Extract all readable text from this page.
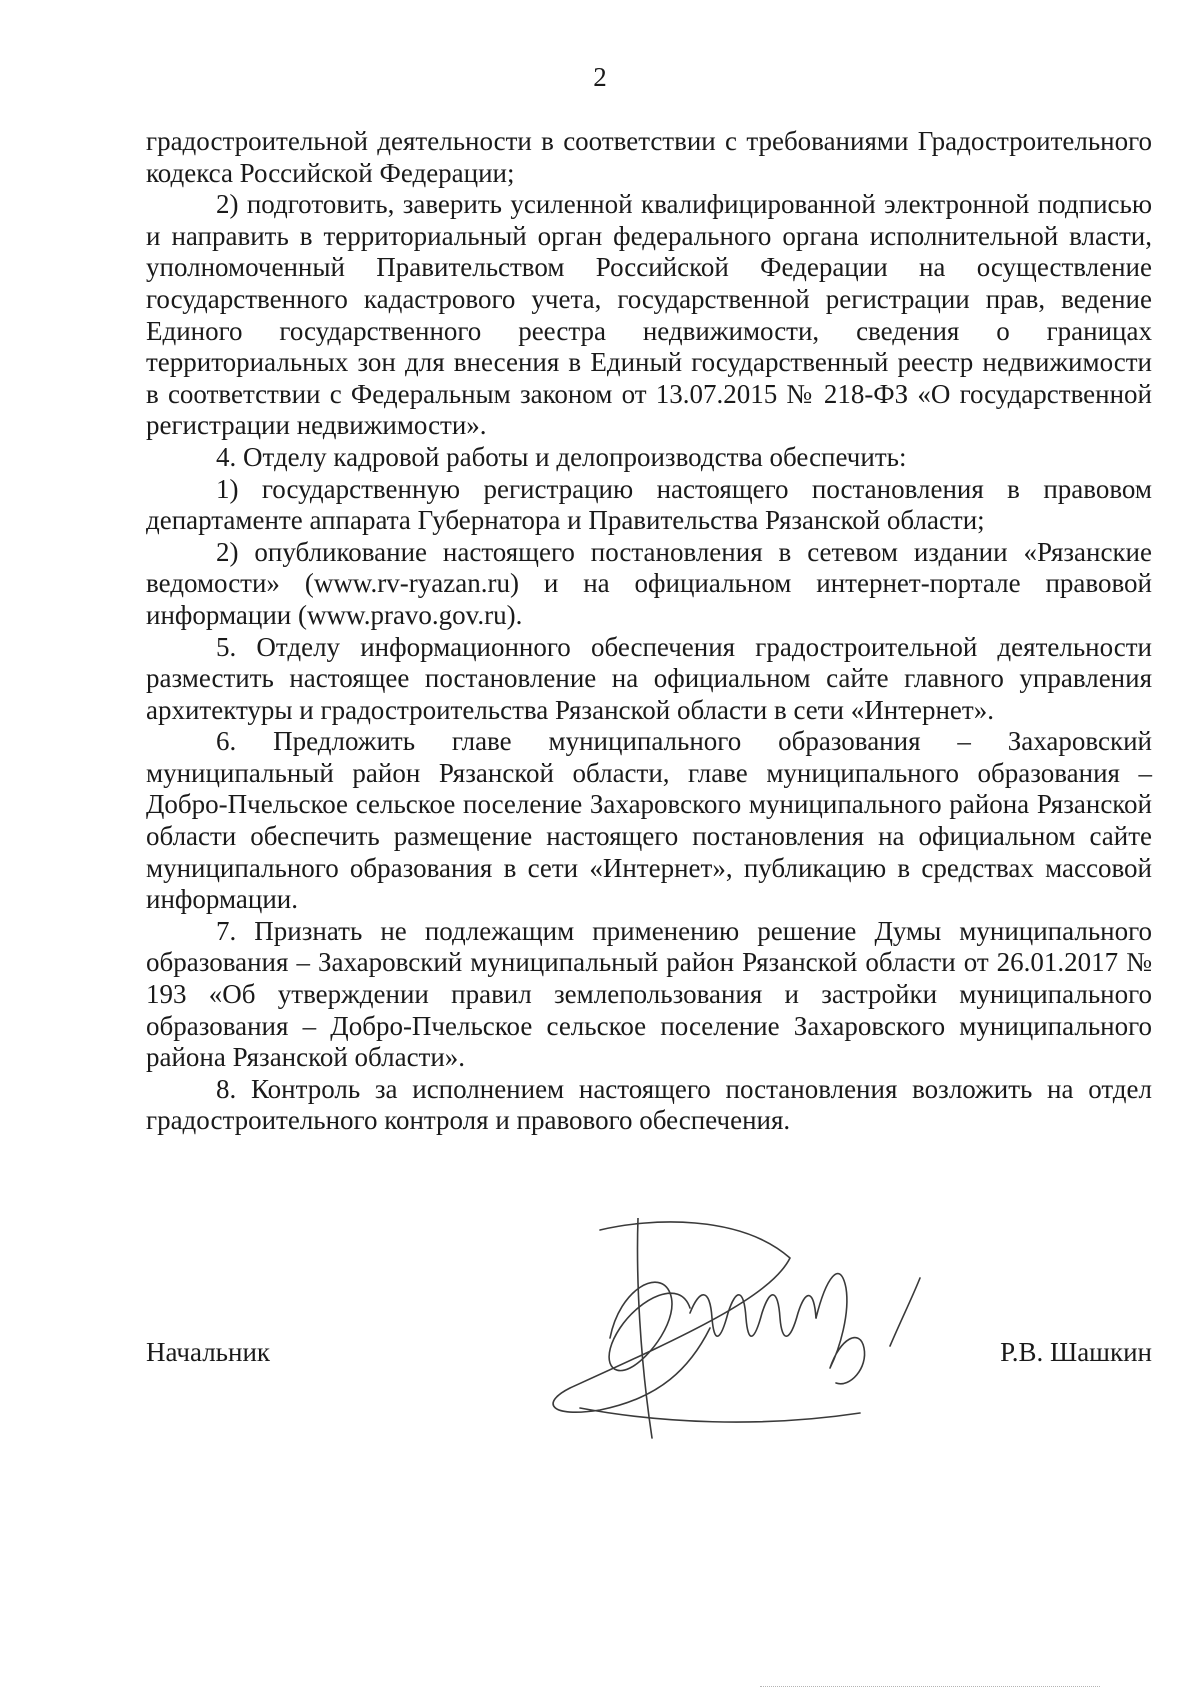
2

градостроительной деятельности в соответствии с требованиями Градостроительного кодекса Российской Федерации;

2) подготовить, заверить усиленной квалифицированной электронной подписью и направить в территориальный орган федерального органа исполнительной власти, уполномоченный Правительством Российской Федерации на осуществление государственного кадастрового учета, государственной регистрации прав, ведение Единого государственного реестра недвижимости, сведения о границах территориальных зон для внесения в Единый государственный реестр недвижимости в соответствии с Федеральным законом от 13.07.2015 № 218-ФЗ «О государственной регистрации недвижимости».

4. Отделу кадровой работы и делопроизводства обеспечить:

1) государственную регистрацию настоящего постановления в правовом департаменте аппарата Губернатора и Правительства Рязанской области;

2) опубликование настоящего постановления в сетевом издании «Рязанские ведомости» (www.rv-ryazan.ru) и на официальном интернет-портале правовой информации (www.pravo.gov.ru).

5. Отделу информационного обеспечения градостроительной деятельности разместить настоящее постановление на официальном сайте главного управления архитектуры и градостроительства Рязанской области в сети «Интернет».

6. Предложить главе муниципального образования – Захаровский муниципальный район Рязанской области, главе муниципального образования – Добро-Пчельское сельское поселение Захаровского муниципального района Рязанской области обеспечить размещение настоящего постановления на официальном сайте муниципального образования в сети «Интернет», публикацию в средствах массовой информации.

7. Признать не подлежащим применению решение Думы муниципального образования – Захаровский муниципальный район Рязанской области от 26.01.2017 № 193 «Об утверждении правил землепользования и застройки муниципального образования – Добро-Пчельское сельское поселение Захаровского муниципального района Рязанской области».

8. Контроль за исполнением настоящего постановления возложить на отдел градостроительного контроля и правового обеспечения.

Начальник	Р.В. Шашкин
